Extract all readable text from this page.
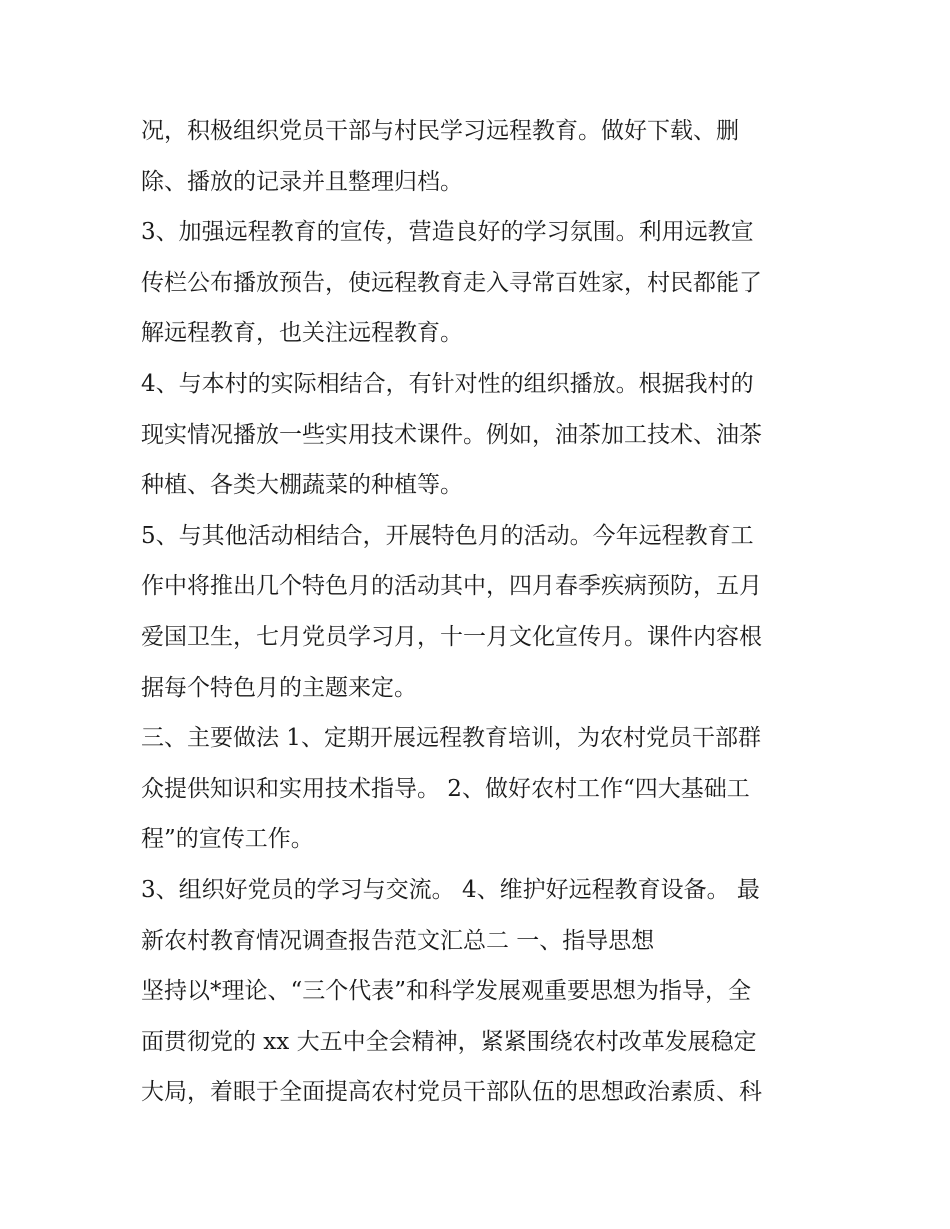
况，积极组织党员干部与村民学习远程教育。做好下载、删

除、播放的记录并且整理归档。

3、加强远程教育的宣传，营造良好的学习氛围。利用远教宣

传栏公布播放预告，使远程教育走入寻常百姓家，村民都能了

解远程教育，也关注远程教育。

4、与本村的实际相结合，有针对性的组织播放。根据我村的

现实情况播放一些实用技术课件。例如，油茶加工技术、油茶

种植、各类大棚蔬菜的种植等。

5、与其他活动相结合，开展特色月的活动。今年远程教育工

作中将推出几个特色月的活动其中，四月春季疾病预防，五月

爱国卫生，七月党员学习月，十一月文化宣传月。课件内容根

据每个特色月的主题来定。

三、主要做法 1、定期开展远程教育培训，为农村党员干部群

众提供知识和实用技术指导。 2、做好农村工作“四大基础工

程”的宣传工作。

3、组织好党员的学习与交流。 4、维护好远程教育设备。 最

新农村教育情况调查报告范文汇总二 一、指导思想

坚持以*理论、“三个代表”和科学发展观重要思想为指导，全

面贯彻党的 xx 大五中全会精神，紧紧围绕农村改革发展稳定

大局，着眼于全面提高农村党员干部队伍的思想政治素质、科
